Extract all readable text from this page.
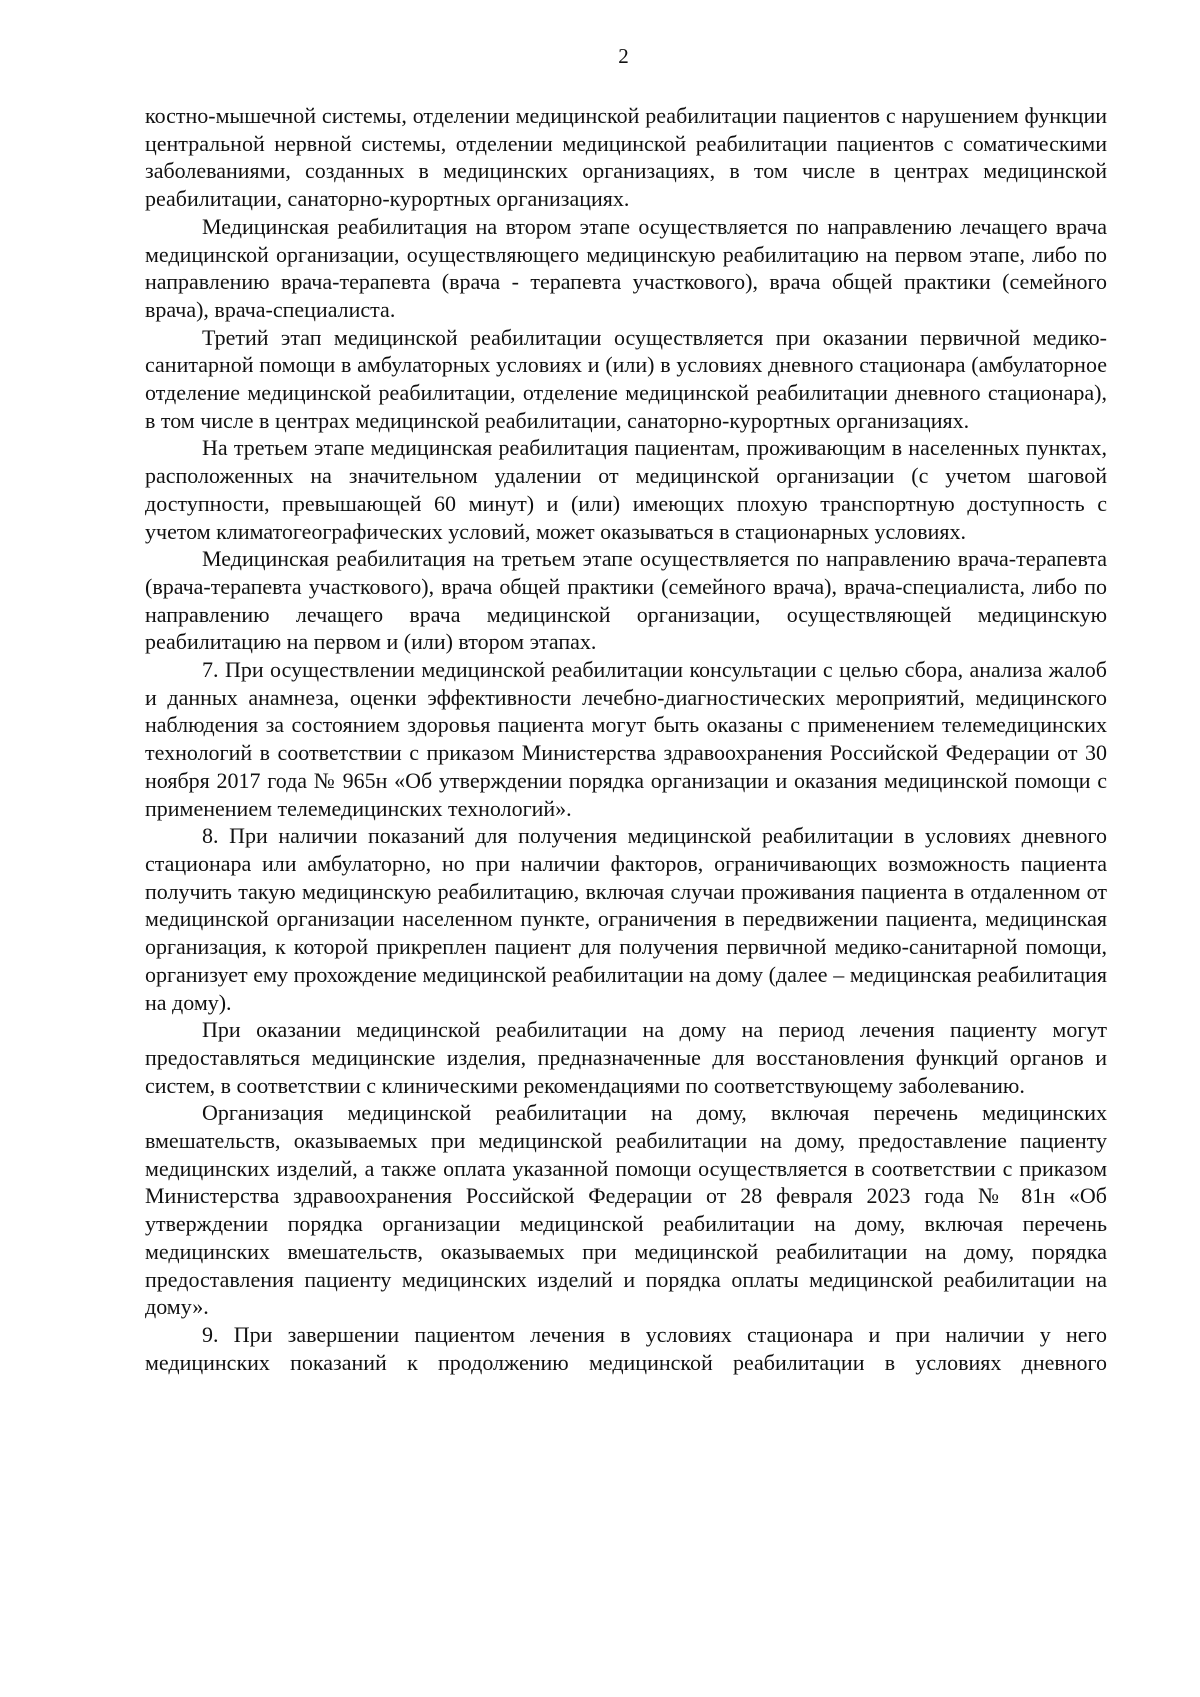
2

костно-мышечной системы, отделении медицинской реабилитации пациентов с нарушением функции центральной нервной системы, отделении медицинской реабилитации пациентов с соматическими заболеваниями, созданных в медицинских организациях, в том числе в центрах медицинской реабилитации, санаторно-курортных организациях.

Медицинская реабилитация на втором этапе осуществляется по направлению лечащего врача медицинской организации, осуществляющего медицинскую реабилитацию на первом этапе, либо по направлению врача-терапевта (врача - терапевта участкового), врача общей практики (семейного врача), врача-специалиста.

Третий этап медицинской реабилитации осуществляется при оказании первичной медико-санитарной помощи в амбулаторных условиях и (или) в условиях дневного стационара (амбулаторное отделение медицинской реабилитации, отделение медицинской реабилитации дневного стационара), в том числе в центрах медицинской реабилитации, санаторно-курортных организациях.

На третьем этапе медицинская реабилитация пациентам, проживающим в населенных пунктах, расположенных на значительном удалении от медицинской организации (с учетом шаговой доступности, превышающей 60 минут) и (или) имеющих плохую транспортную доступность с учетом климатогеографических условий, может оказываться в стационарных условиях.

Медицинская реабилитация на третьем этапе осуществляется по направлению врача-терапевта (врача-терапевта участкового), врача общей практики (семейного врача), врача-специалиста, либо по направлению лечащего врача медицинской организации, осуществляющей медицинскую реабилитацию на первом и (или) втором этапах.

7. При осуществлении медицинской реабилитации консультации с целью сбора, анализа жалоб и данных анамнеза, оценки эффективности лечебно-диагностических мероприятий, медицинского наблюдения за состоянием здоровья пациента могут быть оказаны с применением телемедицинских технологий в соответствии с приказом Министерства здравоохранения Российской Федерации от 30 ноября 2017 года № 965н «Об утверждении порядка организации и оказания медицинской помощи с применением телемедицинских технологий».

8. При наличии показаний для получения медицинской реабилитации в условиях дневного стационара или амбулаторно, но при наличии факторов, ограничивающих возможность пациента получить такую медицинскую реабилитацию, включая случаи проживания пациента в отдаленном от медицинской организации населенном пункте, ограничения в передвижении пациента, медицинская организация, к которой прикреплен пациент для получения первичной медико-санитарной помощи, организует ему прохождение медицинской реабилитации на дому (далее – медицинская реабилитация на дому).

При оказании медицинской реабилитации на дому на период лечения пациенту могут предоставляться медицинские изделия, предназначенные для восстановления функций органов и систем, в соответствии с клиническими рекомендациями по соответствующему заболеванию.

Организация медицинской реабилитации на дому, включая перечень медицинских вмешательств, оказываемых при медицинской реабилитации на дому, предоставление пациенту медицинских изделий, а также оплата указанной помощи осуществляется в соответствии с приказом Министерства здравоохранения Российской Федерации от 28 февраля 2023 года № 81н «Об утверждении порядка организации медицинской реабилитации на дому, включая перечень медицинских вмешательств, оказываемых при медицинской реабилитации на дому, порядка предоставления пациенту медицинских изделий и порядка оплаты медицинской реабилитации на дому».

9. При завершении пациентом лечения в условиях стационара и при наличии у него медицинских показаний к продолжению медицинской реабилитации в условиях дневного
